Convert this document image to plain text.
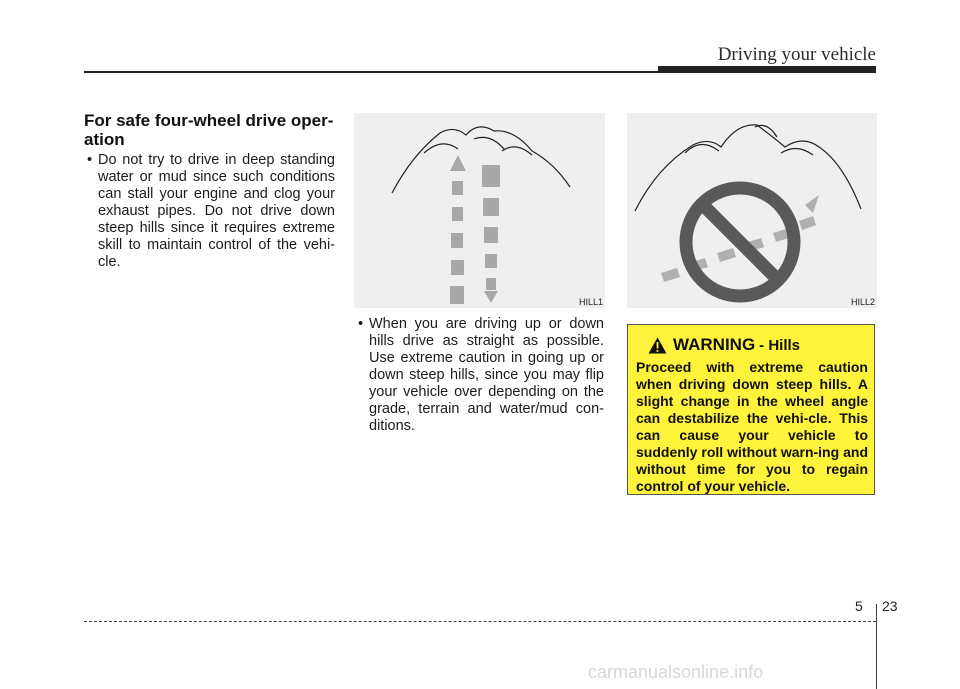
Driving your vehicle
For safe four-wheel drive oper-ation
• Do not try to drive in deep standing water or mud since such conditions can stall your engine and clog your exhaust pipes. Do not drive down steep hills since it requires extreme skill to maintain control of the vehi-cle.
HILL1	HILL2
• When you are driving up or down hills drive as straight as possible. Use extreme caution in going up or down steep hills, since you may flip your vehicle over depending on the grade, terrain and water/mud con-ditions.
WARNING - Hills
Proceed with extreme caution when driving down steep hills. A slight change in the wheel angle can destabilize the vehi-cle. This can cause your vehicle to suddenly roll without warn-ing and without time for you to regain control of your vehicle.
5 23
carmanualsonline.info
